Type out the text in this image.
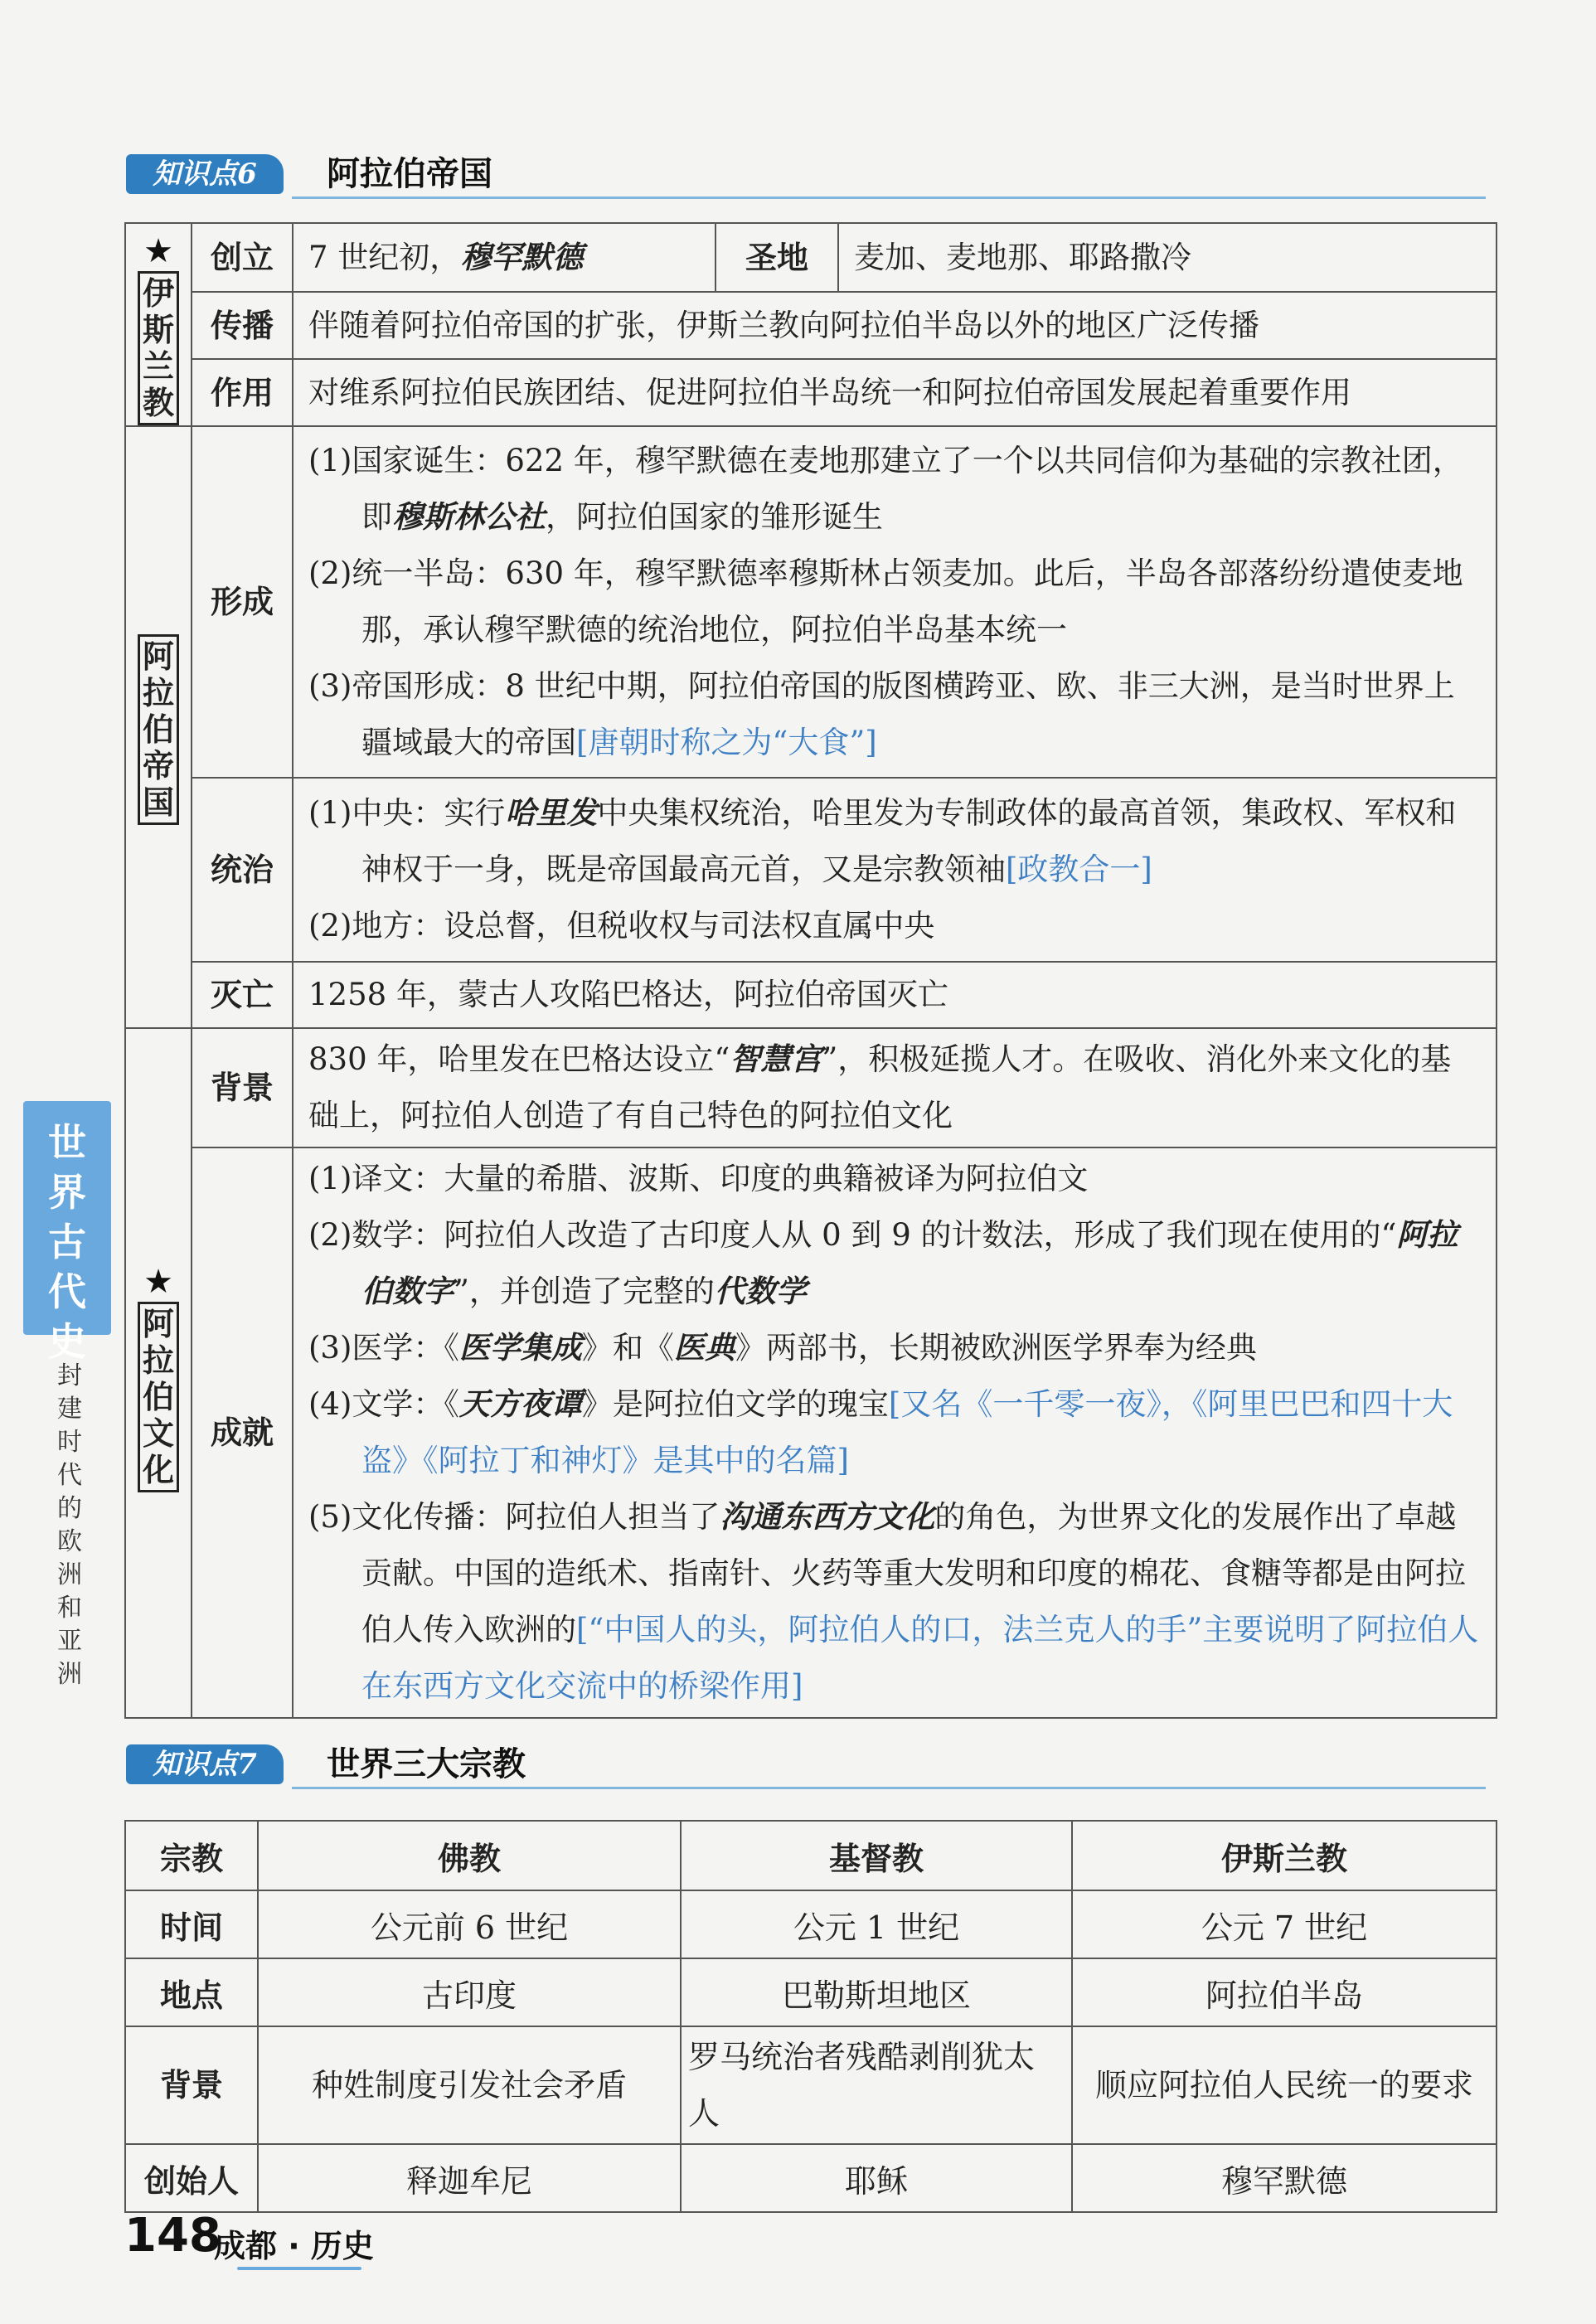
知识点6	阿拉伯帝国
★
伊斯兰教	创立	7 世纪初，穆罕默德	圣地	麦加、麦地那、耶路撒冷
	传播	伴随着阿拉伯帝国的扩张，伊斯兰教向阿拉伯半岛以外的地区广泛传播		
	作用	对维系阿拉伯民族团结、促进阿拉伯半岛统一和阿拉伯帝国发展起着重要作用		

阿拉伯帝国	形成	(1)国家诞生：622 年，穆罕默德在麦地那建立了一个以共同信仰为基础的宗教社团，即穆斯林公社，阿拉伯国家的雏形诞生
(2)统一半岛：630 年，穆罕默德率穆斯林占领麦加。此后，半岛各部落纷纷遣使麦地那，承认穆罕默德的统治地位，阿拉伯半岛基本统一
(3)帝国形成：8 世纪中期，阿拉伯帝国的版图横跨亚、欧、非三大洲，是当时世界上疆域最大的帝国[唐朝时称之为“大食”]		

	统治	(1)中央：实行哈里发中央集权统治，哈里发为专制政体的最高首领，集政权、军权和神权于一身，既是帝国最高元首，又是宗教领袖[政教合一]
(2)地方：设总督，但税收权与司法权直属中央		

	灭亡	1258 年，蒙古人攻陷巴格达，阿拉伯帝国灭亡		

★
阿拉伯文化	背景	830 年，哈里发在巴格达设立“智慧宫”，积极延揽人才。在吸收、消化外来文化的基础上，阿拉伯人创造了有自己特色的阿拉伯文化		
	成就	(1)译文：大量的希腊、波斯、印度的典籍被译为阿拉伯文
(2)数学：阿拉伯人改造了古印度人从 0 到 9 的计数法，形成了我们现在使用的“阿拉伯数字”，并创造了完整的代数学
(3)医学：《医学集成》和《医典》两部书，长期被欧洲医学界奉为经典
(4)文学：《天方夜谭》是阿拉伯文学的瑰宝[又名《一千零一夜》，《阿里巴巴和四十大盗》《阿拉丁和神灯》是其中的名篇]
(5)文化传播：阿拉伯人担当了沟通东西方文化的角色，为世界文化的发展作出了卓越贡献。中国的造纸术、指南针、火药等重大发明和印度的棉花、食糖等都是由阿拉伯人传入欧洲的[“中国人的头，阿拉伯人的口，法兰克人的手”主要说明了阿拉伯人在东西方文化交流中的桥梁作用]		
知识点7	世界三大宗教
宗教	佛教	基督教	伊斯兰教
时间	公元前 6 世纪	公元 1 世纪	公元 7 世纪
地点	古印度	巴勒斯坦地区	阿拉伯半岛
背景	种姓制度引发社会矛盾	罗马统治者残酷剥削犹太人	顺应阿拉伯人民统一的要求
创始人	释迦牟尼	耶稣	穆罕默德
世界古代史
封建时代的欧洲和亚洲
148
成都 · 历史
